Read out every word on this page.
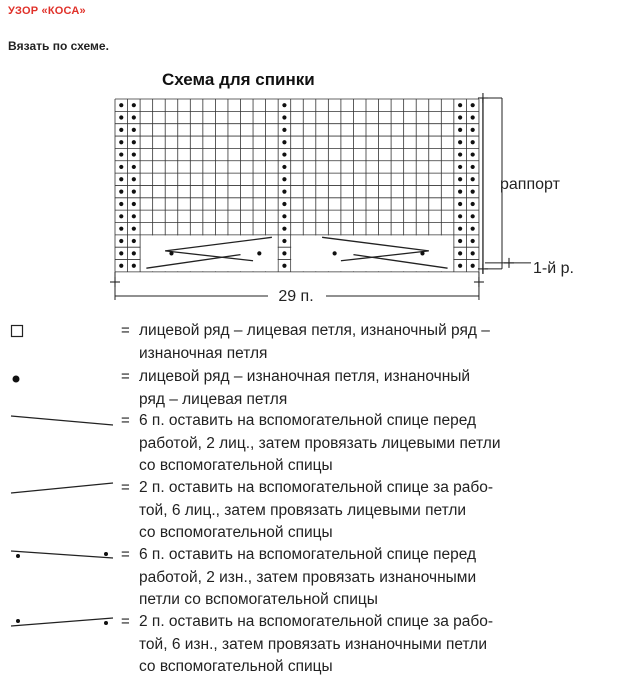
УЗОР «КОСА»
Вязать по схеме.
Схема для спинки
раппорт
1-й р.
29 п.
лицевой ряд – лицевая петля, изнаночный ряд –
изнаночная петля
=
лицевой ряд – изнаночная петля, изнаночный
ряд – лицевая петля
=
6 п. оставить на вспомогательной спице перед
работой, 2 лиц., затем провязать лицевыми петли
со вспомогательной спицы
=
2 п. оставить на вспомогательной спице за рабо-
той, 6 лиц., затем провязать лицевыми петли
со вспомогательной спицы
=
6 п. оставить на вспомогательной спице перед
работой, 2 изн., затем провязать изнаночными
петли со вспомогательной спицы
=
2 п. оставить на вспомогательной спице за рабо-
той, 6 изн., затем провязать изнаночными петли
со вспомогательной спицы
=
